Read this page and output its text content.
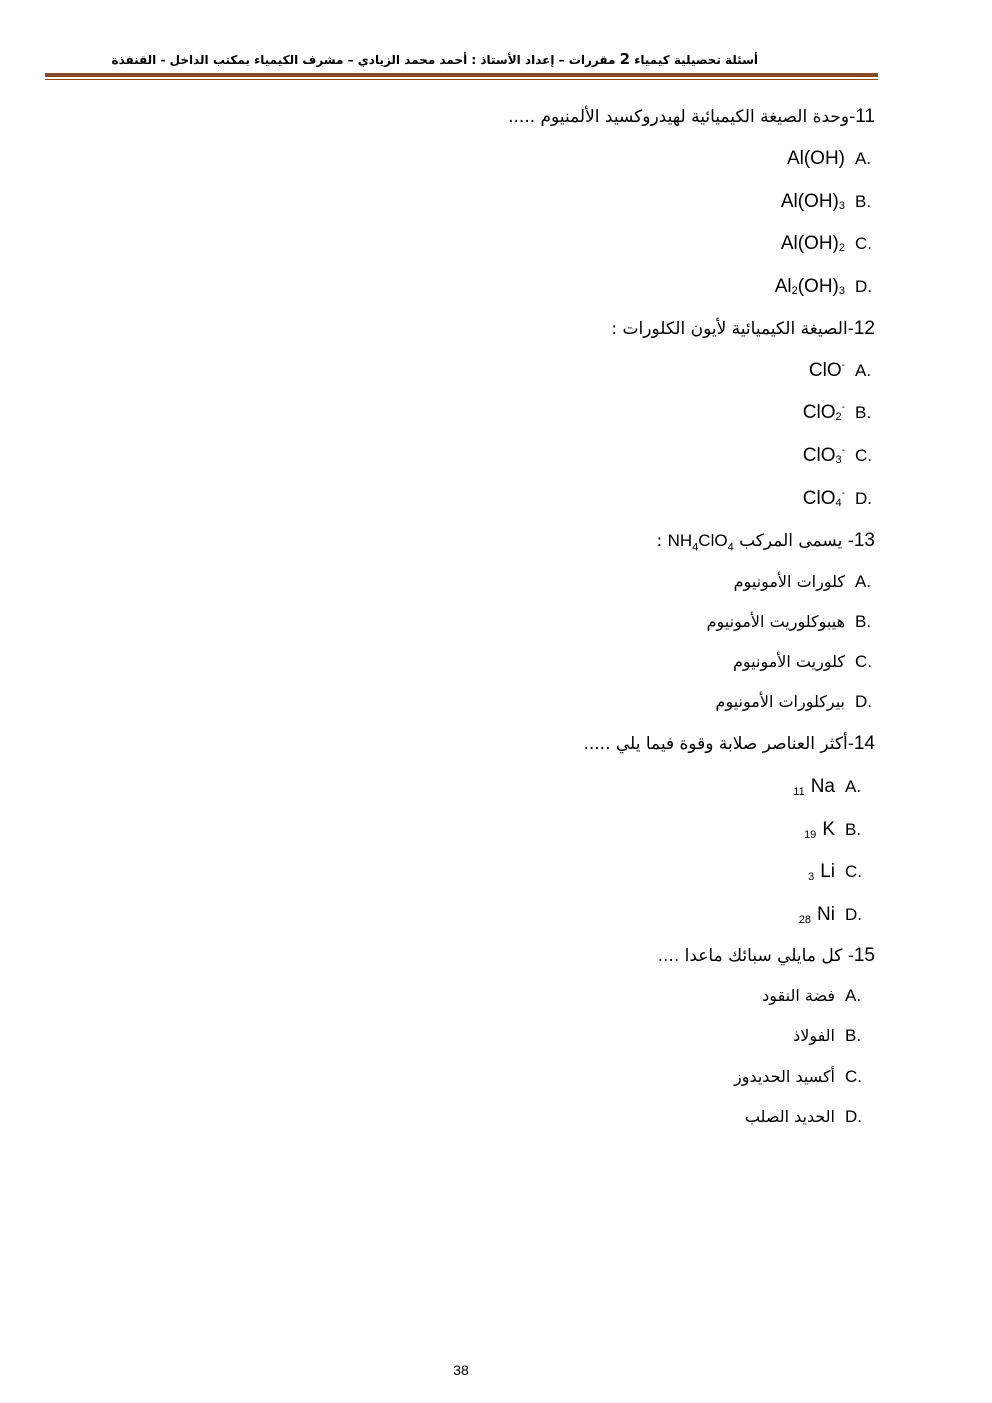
أسئلة تحصيلية كيمياء 2 مقررات – إعداد الأستاذ : أحمد محمد الزيادي – مشرف الكيمياء بمكتب الداخل - القنفذة
11-وحدة الصيغة الكيميائية لهيدروكسيد الألمنيوم .....
Al(OH) A.
$Al(OH)_3$ B.
$Al(OH)_2$ C.
$Al_2(OH)_3$ D.
12-الصيغة الكيميائية لأيون الكلورات :
ClO- A.
ClO$_2$- B.
ClO$_3$- C.
ClO$_4$- D.
13- يسمى المركب $NH_4ClO_4$ :
كلورات الأمونيوم A.
هيبوكلوريت الأمونيوم B.
كلوريت الأمونيوم C.
بيركلورات الأمونيوم D.
14-أكثر العناصر صلابة وقوة فيما يلي .....
11 Na A.
19 K B.
3 Li C.
28 Ni D.
15- كل مايلي سبائك ماعدا ....
فضة النقود A.
الفولاذ B.
أكسيد الحديدوز C.
الحديد الصلب D.
38
